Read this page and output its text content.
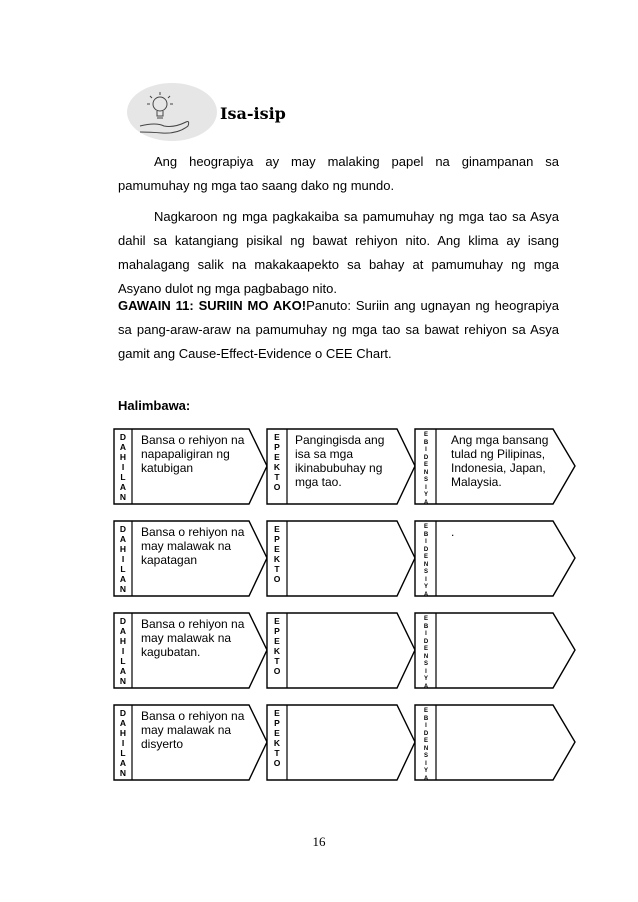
Isa-isip

Ang heograpiya ay may malaking papel na ginampanan sa pamumuhay ng mga tao saang dako ng mundo.

Nagkaroon ng mga pagkakaiba sa pamumuhay ng mga tao sa Asya dahil sa katangiang pisikal ng bawat rehiyon nito. Ang klima ay isang mahalagang salik na makakaapekto sa bahay at pamumuhay ng mga Asyano dulot ng mga pagbabago nito.

GAWAIN 11: SURIIN MO AKO!Panuto: Suriin ang ugnayan ng heograpiya sa pang-araw-araw na pamumuhay ng mga tao sa bawat rehiyon sa Asya gamit ang Cause-Effect-Evidence o CEE Chart.

Halimbawa:
D
A
H
I
L
A
N
E
P
E
K
T
O
E
B
I
D
E
N
S
I
Y
A
Bansa o rehiyon na napapaligiran ng katubigan
Pangingisda ang isa sa mga ikinabubuhay ng mga tao.
Ang mga bansang tulad ng Pilipinas, Indonesia, Japan, Malaysia.
D
A
H
I
L
A
N
E
P
E
K
T
O
E
B
I
D
E
N
S
I
Y
A
Bansa o rehiyon na may malawak na kapatagan
.
D
A
H
I
L
A
N
E
P
E
K
T
O
E
B
I
D
E
N
S
I
Y
A
Bansa o rehiyon na may malawak na kagubatan.
D
A
H
I
L
A
N
E
P
E
K
T
O
E
B
I
D
E
N
S
I
Y
A
Bansa o rehiyon na may malawak na disyerto
16
